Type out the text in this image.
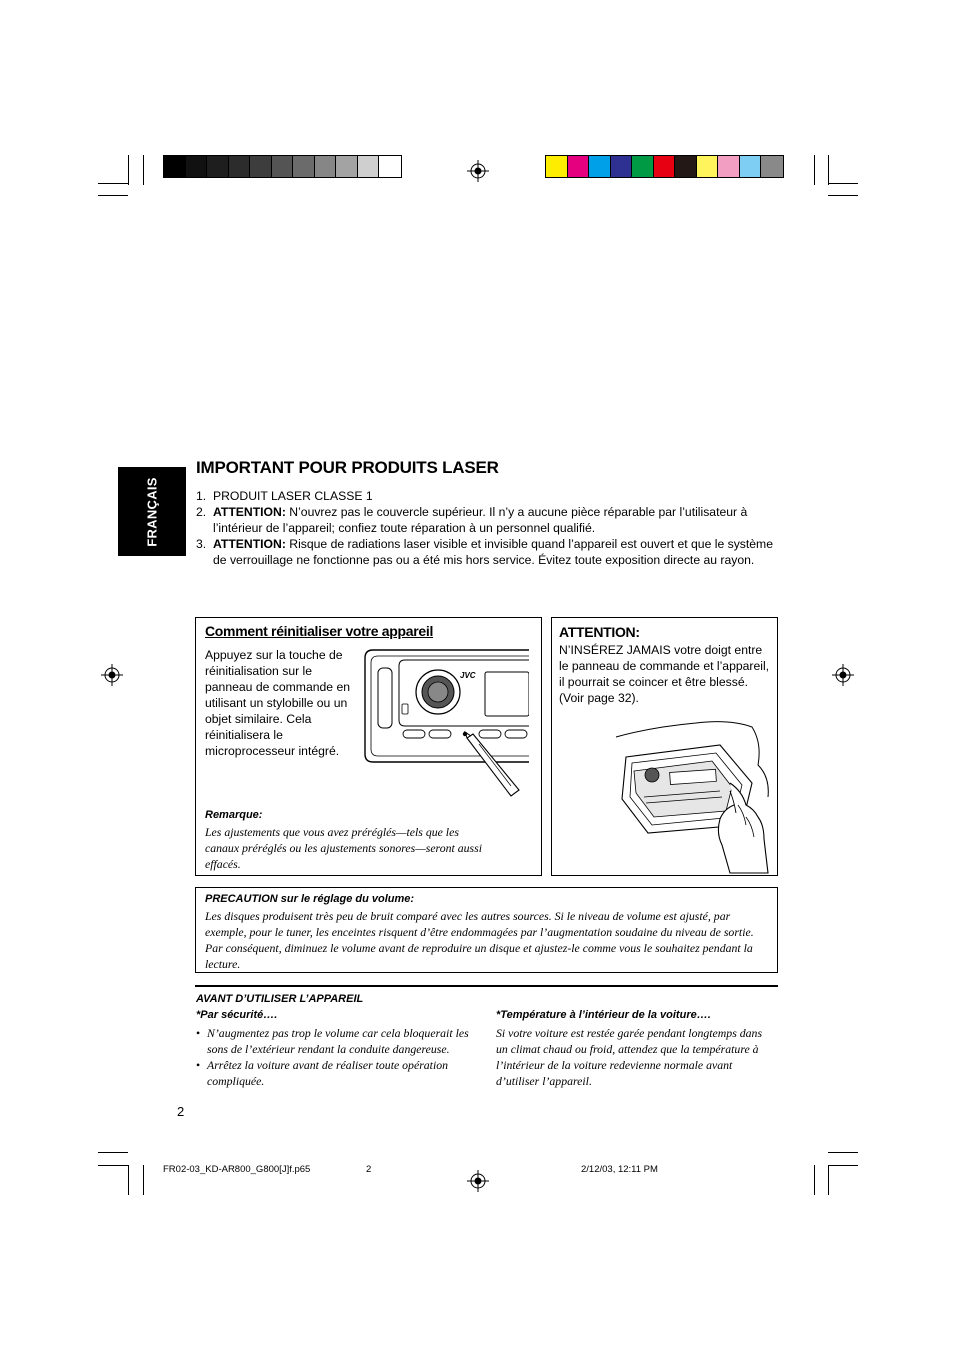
FRANÇAIS
IMPORTANT POUR PRODUITS LASER
1. PRODUIT LASER CLASSE 1
2. ATTENTION: N’ouvrez pas le couvercle supérieur. Il n’y a aucune pièce réparable par l’utilisateur à l’intérieur de l’appareil; confiez toute réparation à un personnel qualifié.
3. ATTENTION: Risque de radiations laser visible et invisible quand l’appareil est ouvert et que le système de verrouillage ne fonctionne pas ou a été mis hors service. Évitez toute exposition directe au rayon.
Comment réinitialiser votre appareil
Appuyez sur la touche de réinitialisation sur le panneau de commande en utilisant un stylobille ou un objet similaire. Cela réinitialisera le microprocesseur intégré.
JVC
Remarque:
Les ajustements que vous avez préréglés—tels que les canaux préréglés ou les ajustements sonores—seront aussi effacés.
ATTENTION:
N’INSÉREZ JAMAIS votre doigt entre le panneau de commande et l’appareil, il pourrait se coincer et être blessé. (Voir page 32).
PRECAUTION sur le réglage du volume:
Les disques produisent très peu de bruit comparé avec les autres sources. Si le niveau de volume est ajusté, par exemple, pour le tuner, les enceintes risquent d’être endommagées par l’augmentation soudaine du niveau de sortie. Par conséquent, diminuez le volume avant de reproduire un disque et ajustez-le comme vous le souhaitez pendant la lecture.
AVANT D’UTILISER L’APPAREIL
*Par sécurité….
• N’augmentez pas trop le volume car cela bloquerait les sons de l’extérieur rendant la conduite dangereuse.
• Arrêtez la voiture avant de réaliser toute opération compliquée.
*Température à l’intérieur de la voiture….
Si votre voiture est restée garée pendant longtemps dans un climat chaud ou froid, attendez que la température à l’intérieur de la voiture redevienne normale avant d’utiliser l’appareil.
2
FR02-03_KD-AR800_G800[J]f.p65	2	2/12/03, 12:11 PM
